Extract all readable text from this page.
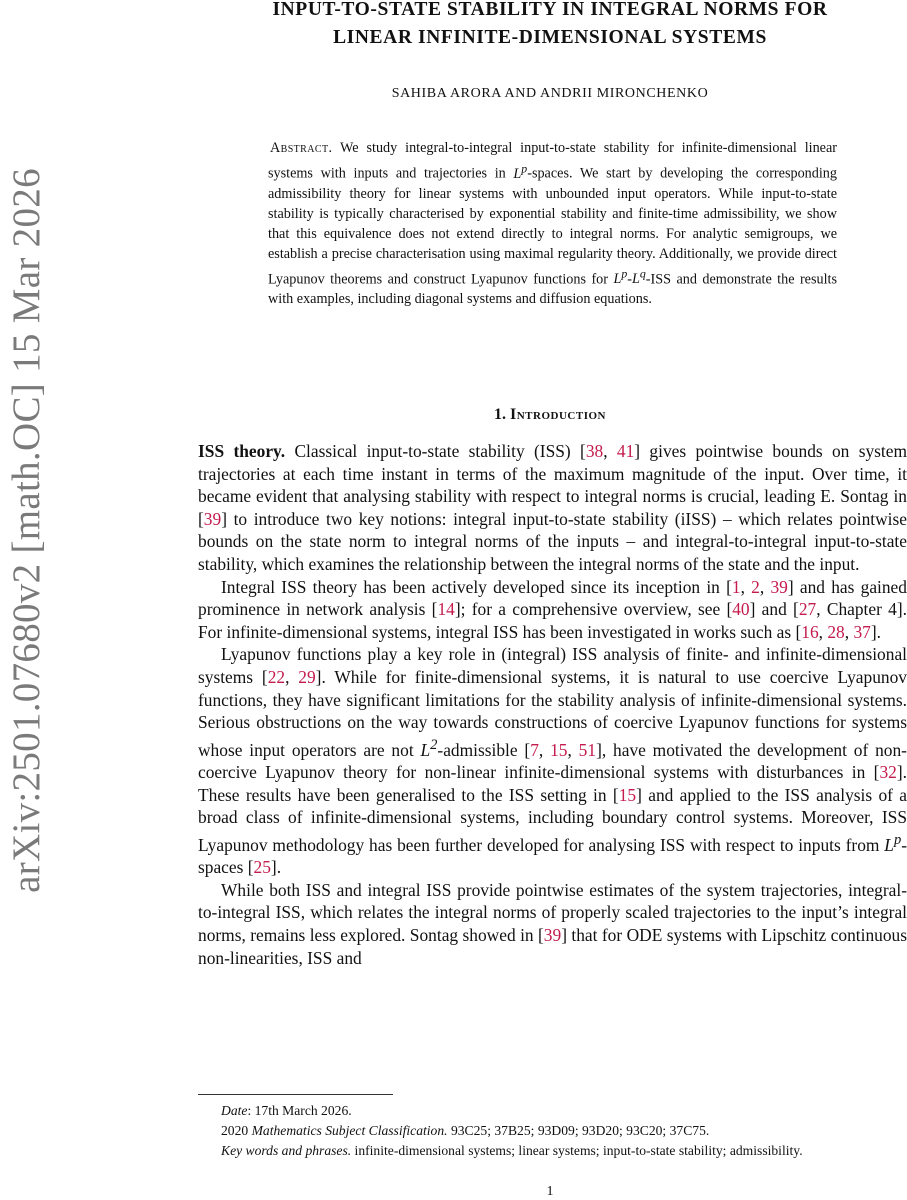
arXiv:2501.07680v2 [math.OC] 15 Mar 2026
INPUT-TO-STATE STABILITY IN INTEGRAL NORMS FOR
LINEAR INFINITE-DIMENSIONAL SYSTEMS

SAHIBA ARORA AND ANDRII MIRONCHENKO

Abstract. We study integral-to-integral input-to-state stability for infinite-dimensional linear systems with inputs and trajectories in $L^p$-spaces. We start by developing the corresponding admissibility theory for linear systems with unbounded input operators. While input-to-state stability is typically characterised by exponential stability and finite-time admissibility, we show that this equivalence does not extend directly to integral norms. For analytic semigroups, we establish a precise characterisation using maximal regularity theory. Additionally, we provide direct Lyapunov theorems and construct Lyapunov functions for $L^p-L^q$-ISS and demonstrate the results with examples, including diagonal systems and diffusion equations.

1. Introduction

ISS theory. Classical input-to-state stability (ISS) [38, 41] gives pointwise bounds on system trajectories at each time instant in terms of the maximum magnitude of the input. Over time, it became evident that analysing stability with respect to integral norms is crucial, leading E. Sontag in [39] to introduce two key notions: integral input-to-state stability (iISS) – which relates pointwise bounds on the state norm to integral norms of the inputs – and integral-to-integral input-to-state stability, which examines the relationship between the integral norms of the state and the input.

Integral ISS theory has been actively developed since its inception in [1, 2, 39] and has gained prominence in network analysis [14]; for a comprehensive overview, see [40] and [27, Chapter 4]. For infinite-dimensional systems, integral ISS has been investigated in works such as [16, 28, 37].

Lyapunov functions play a key role in (integral) ISS analysis of finite- and infinite-dimensional systems [22, 29]. While for finite-dimensional systems, it is natural to use coercive Lyapunov functions, they have significant limitations for the stability analysis of infinite-dimensional systems. Serious obstructions on the way towards constructions of coercive Lyapunov functions for systems whose input operators are not $L^2$-admissible [7, 15, 51], have motivated the development of non-coercive Lyapunov theory for non-linear infinite-dimensional systems with disturbances in [32]. These results have been generalised to the ISS setting in [15] and applied to the ISS analysis of a broad class of infinite-dimensional systems, including boundary control systems. Moreover, ISS Lyapunov methodology has been further developed for analysing ISS with respect to inputs from $L^p$-spaces [25].

While both ISS and integral ISS provide pointwise estimates of the system trajectories, integral-to-integral ISS, which relates the integral norms of properly scaled trajectories to the input’s integral norms, remains less explored. Sontag showed in [39] that for ODE systems with Lipschitz continuous non-linearities, ISS and

Date: 17th March 2026.

2020 Mathematics Subject Classification. 93C25; 37B25; 93D09; 93D20; 93C20; 37C75.

Key words and phrases. infinite-dimensional systems; linear systems; input-to-state stability; admissibility.

1
